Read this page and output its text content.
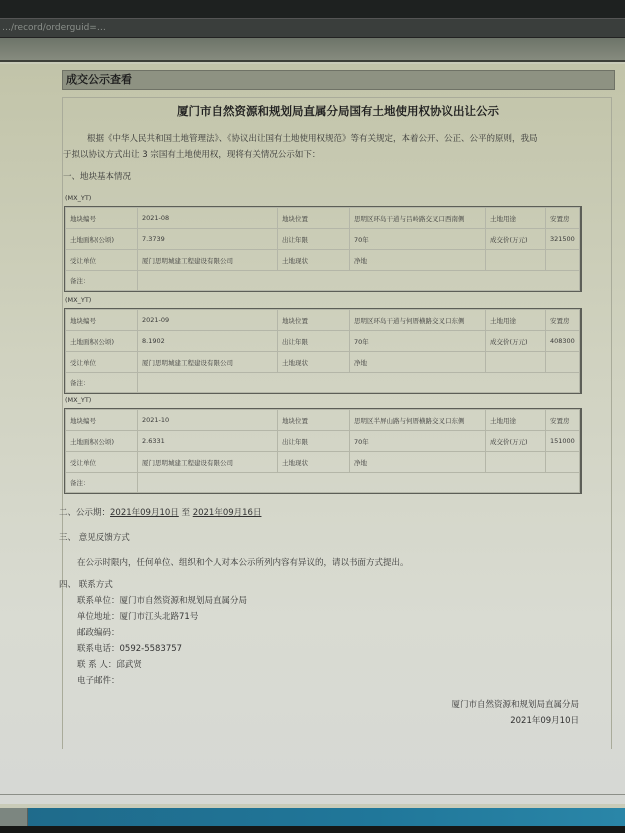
…/record/orderguid=…
成交公示查看
厦门市自然资源和规划局直属分局国有土地使用权协议出让公示
根据《中华人民共和国土地管理法》、《协议出让国有土地使用权规范》等有关规定，本着公开、公正、公平的原则，我局
于拟以协议方式出让 3 宗国有土地使用权，现将有关情况公示如下：
一、地块基本情况
(MX_YT)
地块编号	2021-08	地块位置	思明区环岛干道与吕岭路交叉口西南侧	土地用途	安置房
土地面积(公顷)	7.3739	出让年限	70年	成交价(万元)	321500
受让单位	厦门思明城建工程建设有限公司	土地现状	净地		
备注：					
(MX_YT)
地块编号	2021-09	地块位置	思明区环岛干道与何厝横路交叉口东侧	土地用途	安置房
土地面积(公顷)	8.1902	出让年限	70年	成交价(万元)	408300
受让单位	厦门思明城建工程建设有限公司	土地现状	净地		
备注：					
(MX_YT)
地块编号	2021-10	地块位置	思明区半屏山路与何厝横路交叉口东侧	土地用途	安置房
土地面积(公顷)	2.6331	出让年限	70年	成交价(万元)	151000
受让单位	厦门思明城建工程建设有限公司	土地现状	净地		
备注：					
二、公示期：2021年09月10日 至 2021年09月16日
三、 意见反馈方式
在公示时限内，任何单位、组织和个人对本公示所列内容有异议的，请以书面方式提出。
四、 联系方式
联系单位：厦门市自然资源和规划局直属分局
单位地址：厦门市江头北路71号
邮政编码：
联系电话：0592-5583757
联 系 人：邱武贤
电子邮件：
厦门市自然资源和规划局直属分局
2021年09月10日
